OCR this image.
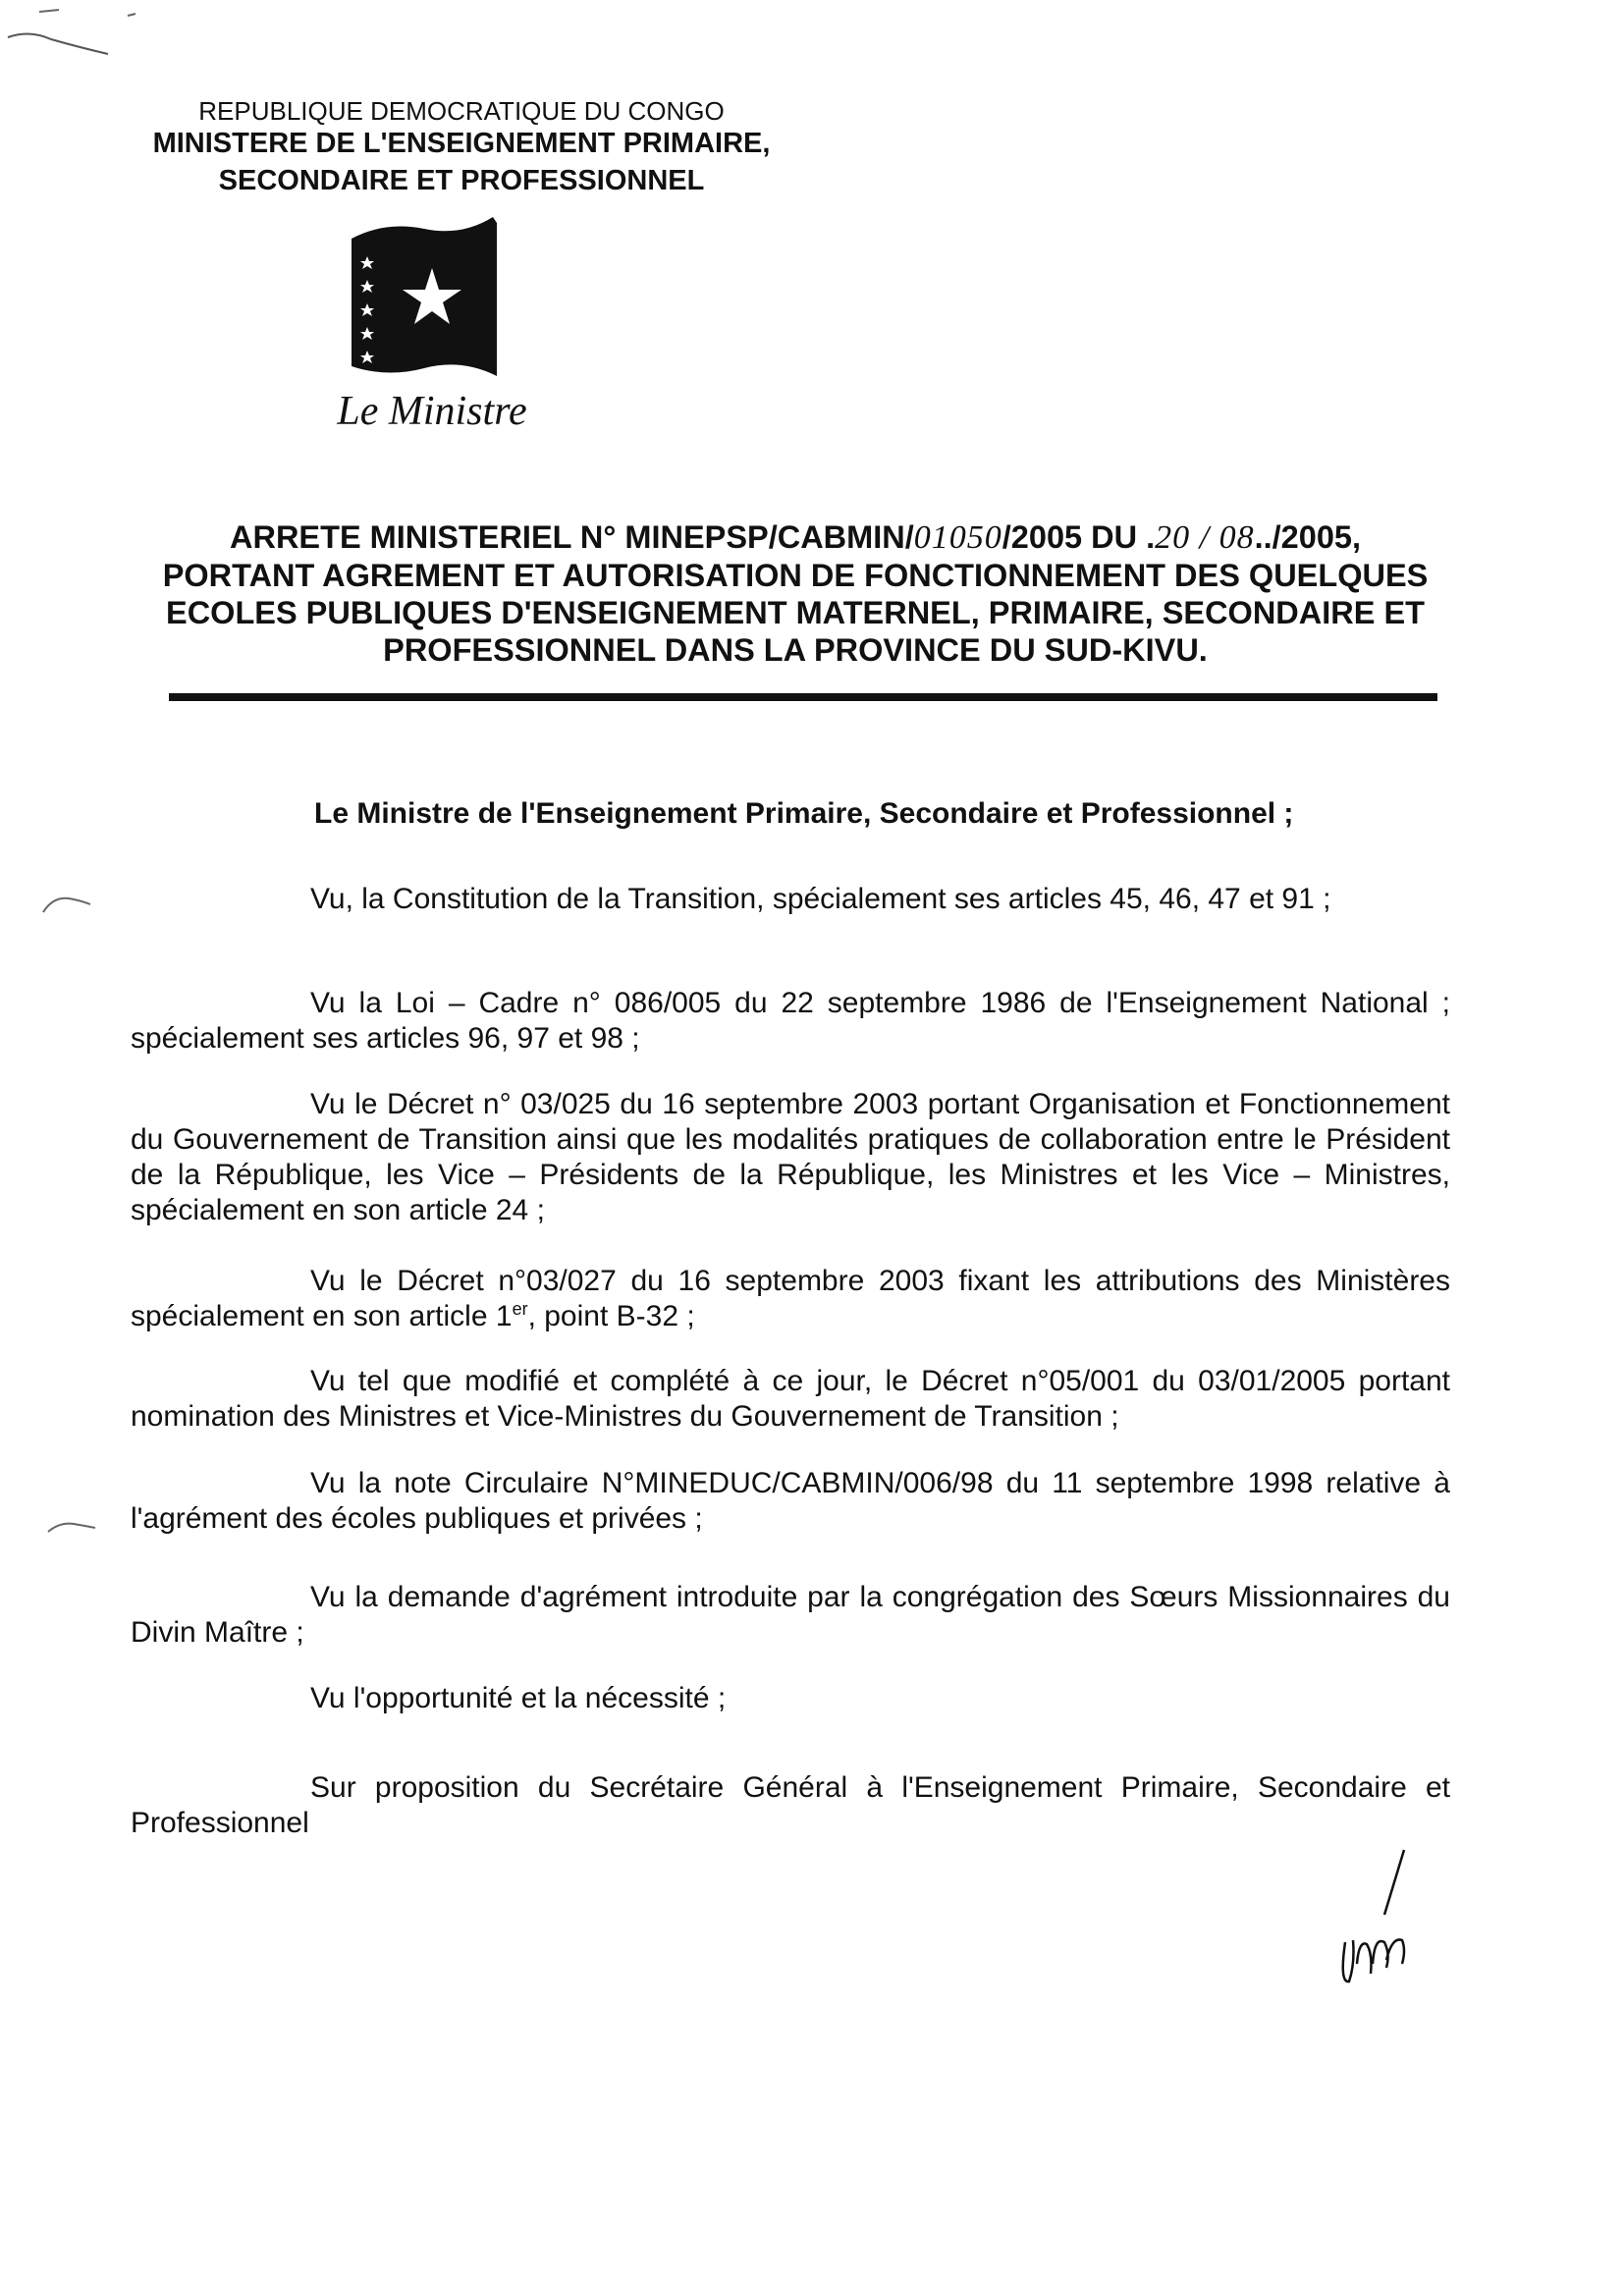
REPUBLIQUE DEMOCRATIQUE DU CONGO
MINISTERE DE L'ENSEIGNEMENT PRIMAIRE,
SECONDAIRE ET PROFESSIONNEL
Le Ministre
ARRETE MINISTERIEL N° MINEPSP/CABMIN/01050/2005 DU .20 / 08../2005,
PORTANT AGREMENT ET AUTORISATION DE FONCTIONNEMENT DES QUELQUES ECOLES PUBLIQUES D'ENSEIGNEMENT MATERNEL, PRIMAIRE, SECONDAIRE ET PROFESSIONNEL DANS LA PROVINCE DU SUD-KIVU.
Le Ministre de l'Enseignement Primaire, Secondaire et Professionnel ;

Vu, la Constitution de la Transition, spécialement ses articles 45, 46, 47 et 91 ;

Vu la Loi – Cadre n° 086/005 du 22 septembre 1986 de l'Enseignement National ; spécialement ses articles 96, 97 et 98 ;

Vu le Décret n° 03/025 du 16 septembre 2003 portant Organisation et Fonctionnement du Gouvernement de Transition ainsi que les modalités pratiques de collaboration entre le Président de la République, les Vice – Présidents de la République, les Ministres et les Vice – Ministres, spécialement en son article 24 ;

Vu le Décret n°03/027 du 16 septembre 2003 fixant les attributions des Ministères spécialement en son article 1er, point B-32 ;

Vu tel que modifié et complété à ce jour, le Décret n°05/001 du 03/01/2005 portant nomination des Ministres et Vice-Ministres du Gouvernement de Transition ;

Vu la note Circulaire N°MINEDUC/CABMIN/006/98 du 11 septembre 1998 relative à l'agrément des écoles publiques et privées ;

Vu la demande d'agrément introduite par la congrégation des Sœurs Missionnaires du Divin Maître ;

Vu l'opportunité et la nécessité ;

Sur proposition du Secrétaire Général à l'Enseignement Primaire, Secondaire et Professionnel
